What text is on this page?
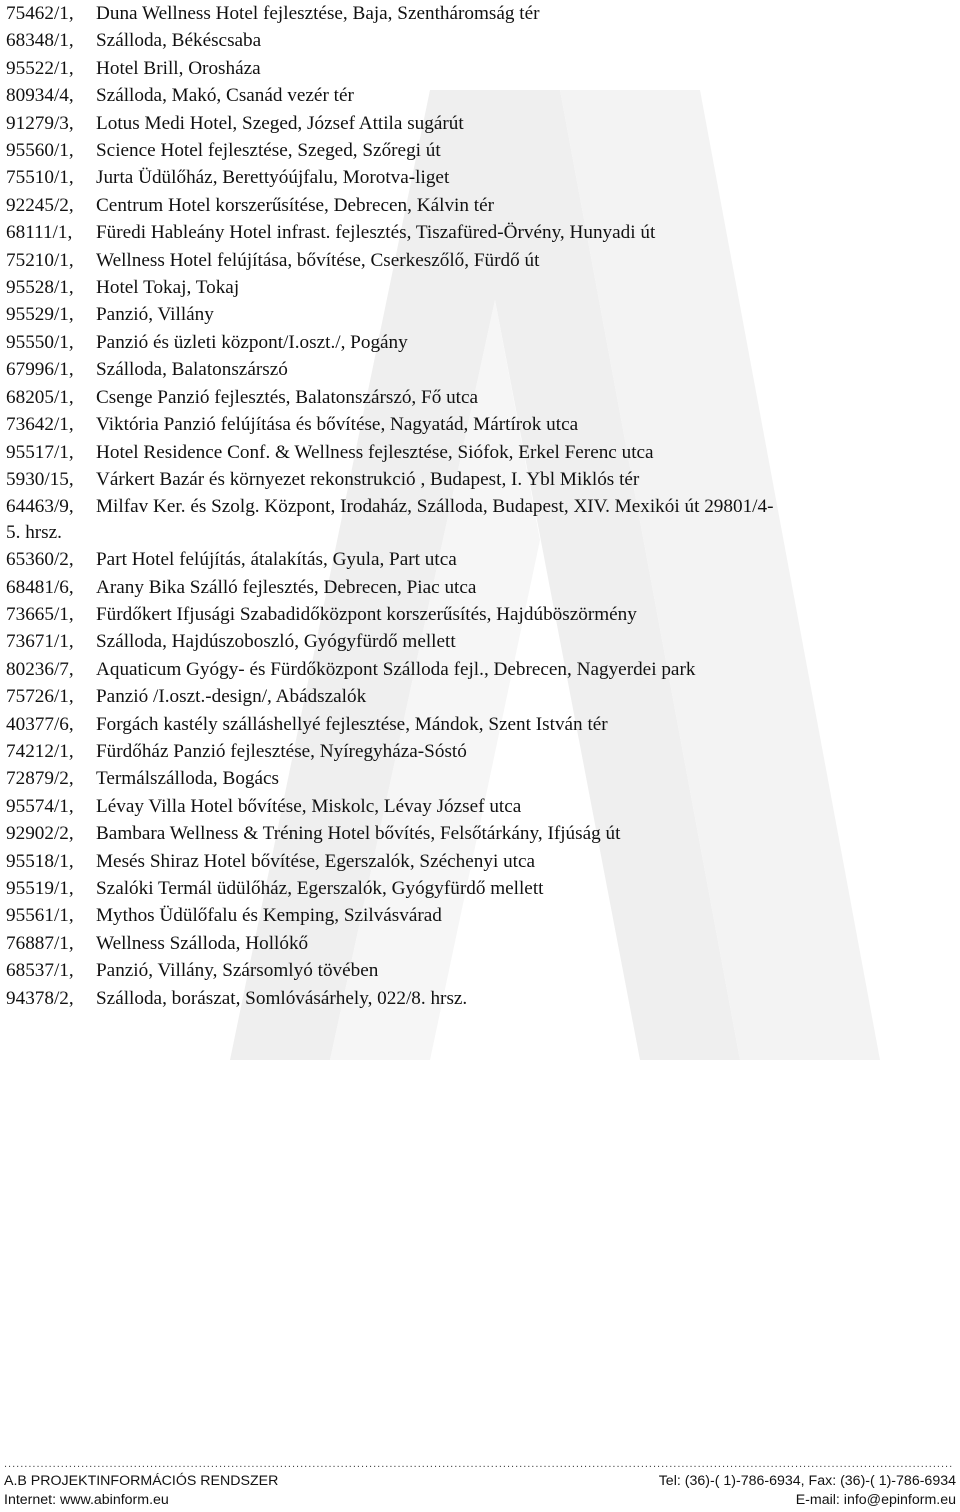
75462/1,	Duna Wellness Hotel fejlesztése, Baja, Szentháromság tér
68348/1,	Szálloda, Békéscsaba
95522/1,	Hotel Brill, Orosháza
80934/4,	Szálloda, Makó, Csanád vezér tér
91279/3,	Lotus Medi Hotel, Szeged, József Attila sugárút
95560/1,	Science Hotel fejlesztése, Szeged, Szőregi út
75510/1,	Jurta Üdülőház, Berettyóújfalu, Morotva-liget
92245/2,	Centrum Hotel korszerűsítése, Debrecen, Kálvin tér
68111/1,	Füredi Hableány Hotel infrast. fejlesztés, Tiszafüred-Örvény, Hunyadi út
75210/1,	Wellness Hotel felújítása, bővítése, Cserkeszőlő, Fürdő út
95528/1,	Hotel Tokaj, Tokaj
95529/1,	Panzió, Villány
95550/1,	Panzió és üzleti központ/I.oszt./, Pogány
67996/1,	Szálloda, Balatonszárszó
68205/1,	Csenge Panzió fejlesztés, Balatonszárszó, Fő utca
73642/1,	Viktória Panzió felújítása és bővítése, Nagyatád, Mártírok utca
95517/1,	Hotel Residence Conf. & Wellness fejlesztése, Siófok, Erkel Ferenc utca
5930/15,	Várkert Bazár és környezet rekonstrukció , Budapest, I. Ybl Miklós tér
64463/9,	Milfav Ker. és Szolg. Központ, Irodaház, Szálloda, Budapest, XIV. Mexikói út 29801/4-
5. hrsz.
65360/2,	Part Hotel felújítás, átalakítás, Gyula, Part utca
68481/6,	Arany Bika Szálló fejlesztés, Debrecen, Piac utca
73665/1,	Fürdőkert Ifjusági Szabadidőközpont korszerűsítés, Hajdúböszörmény
73671/1,	Szálloda, Hajdúszoboszló, Gyógyfürdő mellett
80236/7,	Aquaticum Gyógy- és Fürdőközpont Szálloda fejl., Debrecen, Nagyerdei park
75726/1,	Panzió /I.oszt.-design/, Abádszalók
40377/6,	Forgách kastély szálláshellyé fejlesztése, Mándok, Szent István tér
74212/1,	Fürdőház Panzió fejlesztése, Nyíregyháza-Sóstó
72879/2,	Termálszálloda, Bogács
95574/1,	Lévay Villa Hotel bővítése, Miskolc, Lévay József utca
92902/2,	Bambara Wellness & Tréning Hotel bővítés, Felsőtárkány, Ifjúság út
95518/1,	Mesés Shiraz Hotel bővítése, Egerszalók, Széchenyi utca
95519/1,	Szalóki Termál üdülőház, Egerszalók, Gyógyfürdő mellett
95561/1,	Mythos Üdülőfalu és Kemping, Szilvásvárad
76887/1,	Wellness Szálloda, Hollókő
68537/1,	Panzió, Villány, Szársomlyó tövében
94378/2,	Szálloda, borászat, Somlóvásárhely, 022/8. hrsz.
..........................................................................................................................................................................................................................................
A.B PROJEKTINFORMÁCIÓS RENDSZER	Tel: (36)-( 1)-786-6934, Fax: (36)-( 1)-786-6934
Internet: www.abinform.eu	E-mail: info@epinform.eu
